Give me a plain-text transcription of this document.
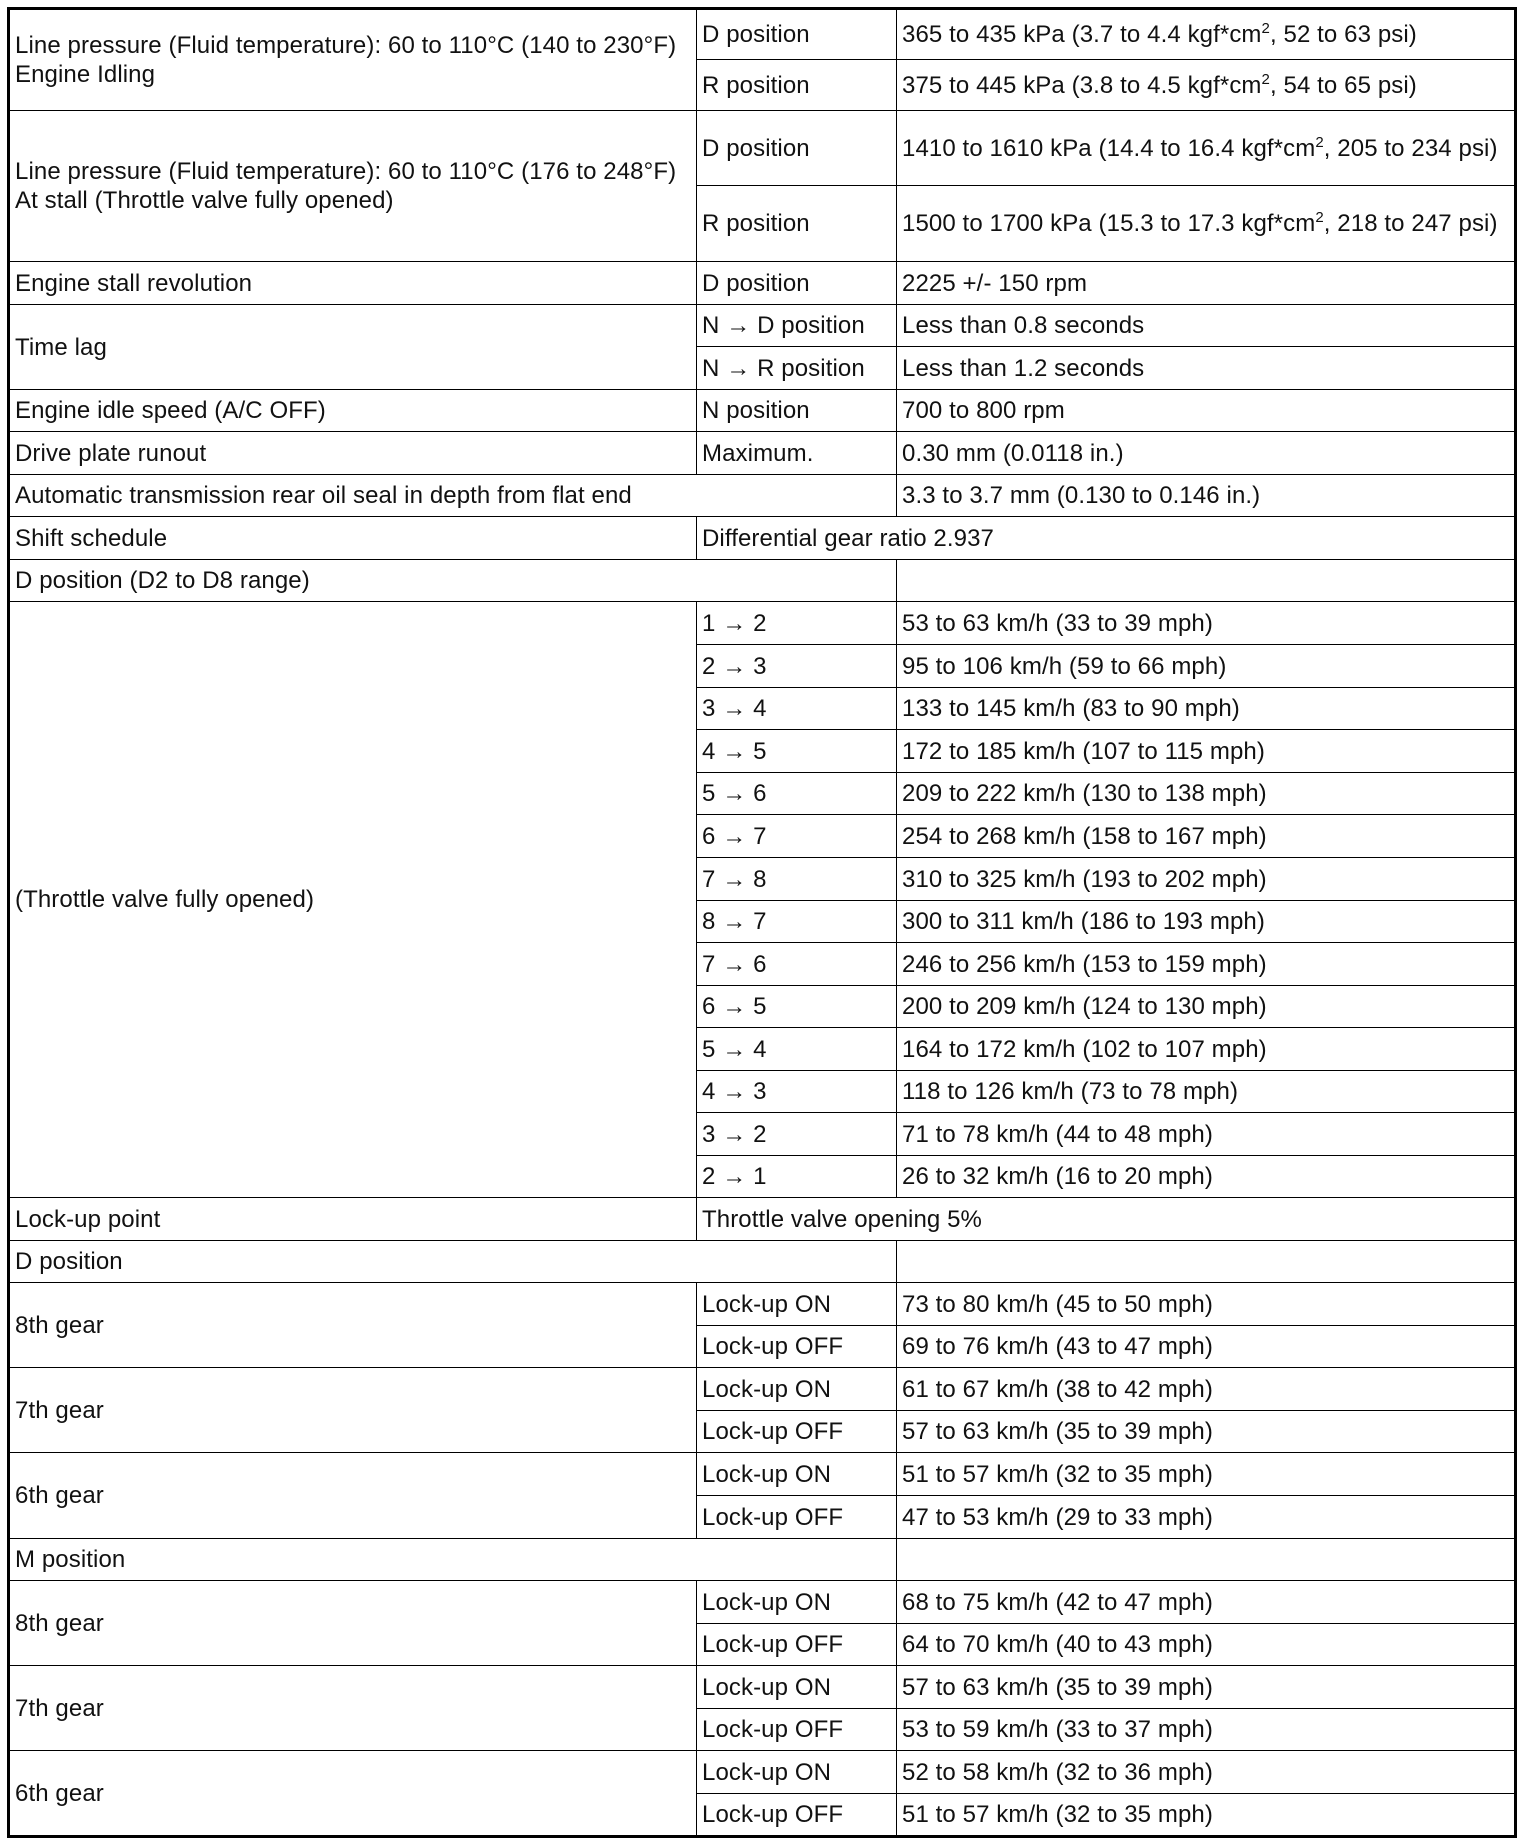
Line pressure (Fluid temperature): 60 to 110°C (140 to 230°F)
Engine Idling	D position	365 to 435 kPa (3.7 to 4.4 $kgf*cm^2$, 52 to 63 psi)
	R position	375 to 445 kPa (3.8 to 4.5 $kgf*cm^2$, 54 to 65 psi)

Line pressure (Fluid temperature): 60 to 110°C (176 to 248°F)
At stall (Throttle valve fully opened)	D position	1410 to 1610 kPa (14.4 to 16.4 $kgf*cm^2$, 205 to 234 psi)
	R position	1500 to 1700 kPa (15.3 to 17.3 $kgf*cm^2$, 218 to 247 psi)
Engine stall revolution	D position	2225 +/- 150 rpm
Time lag	N → D position	Less than 0.8 seconds
	N → R position	Less than 1.2 seconds
Engine idle speed (A/C OFF)	N position	700 to 800 rpm
Drive plate runout	Maximum.	0.30 mm (0.0118 in.)
Automatic transmission rear oil seal in depth from flat end		3.3 to 3.7 mm (0.130 to 0.146 in.)
Shift schedule	Differential gear ratio 2.937	
D position (D2 to D8 range)		
(Throttle valve fully opened)	1 → 2	53 to 63 km/h (33 to 39 mph)
	2 → 3	95 to 106 km/h (59 to 66 mph)
	3 → 4	133 to 145 km/h (83 to 90 mph)
	4 → 5	172 to 185 km/h (107 to 115 mph)
	5 → 6	209 to 222 km/h (130 to 138 mph)
	6 → 7	254 to 268 km/h (158 to 167 mph)
	7 → 8	310 to 325 km/h (193 to 202 mph)
	8 → 7	300 to 311 km/h (186 to 193 mph)
	7 → 6	246 to 256 km/h (153 to 159 mph)
	6 → 5	200 to 209 km/h (124 to 130 mph)
	5 → 4	164 to 172 km/h (102 to 107 mph)
	4 → 3	118 to 126 km/h (73 to 78 mph)
	3 → 2	71 to 78 km/h (44 to 48 mph)
	2 → 1	26 to 32 km/h (16 to 20 mph)
Lock-up point	Throttle valve opening 5%	
D position		
8th gear	Lock-up ON	73 to 80 km/h (45 to 50 mph)
	Lock-up OFF	69 to 76 km/h (43 to 47 mph)
7th gear	Lock-up ON	61 to 67 km/h (38 to 42 mph)
	Lock-up OFF	57 to 63 km/h (35 to 39 mph)
6th gear	Lock-up ON	51 to 57 km/h (32 to 35 mph)
	Lock-up OFF	47 to 53 km/h (29 to 33 mph)
M position		
8th gear	Lock-up ON	68 to 75 km/h (42 to 47 mph)
	Lock-up OFF	64 to 70 km/h (40 to 43 mph)
7th gear	Lock-up ON	57 to 63 km/h (35 to 39 mph)
	Lock-up OFF	53 to 59 km/h (33 to 37 mph)
6th gear	Lock-up ON	52 to 58 km/h (32 to 36 mph)
	Lock-up OFF	51 to 57 km/h (32 to 35 mph)
